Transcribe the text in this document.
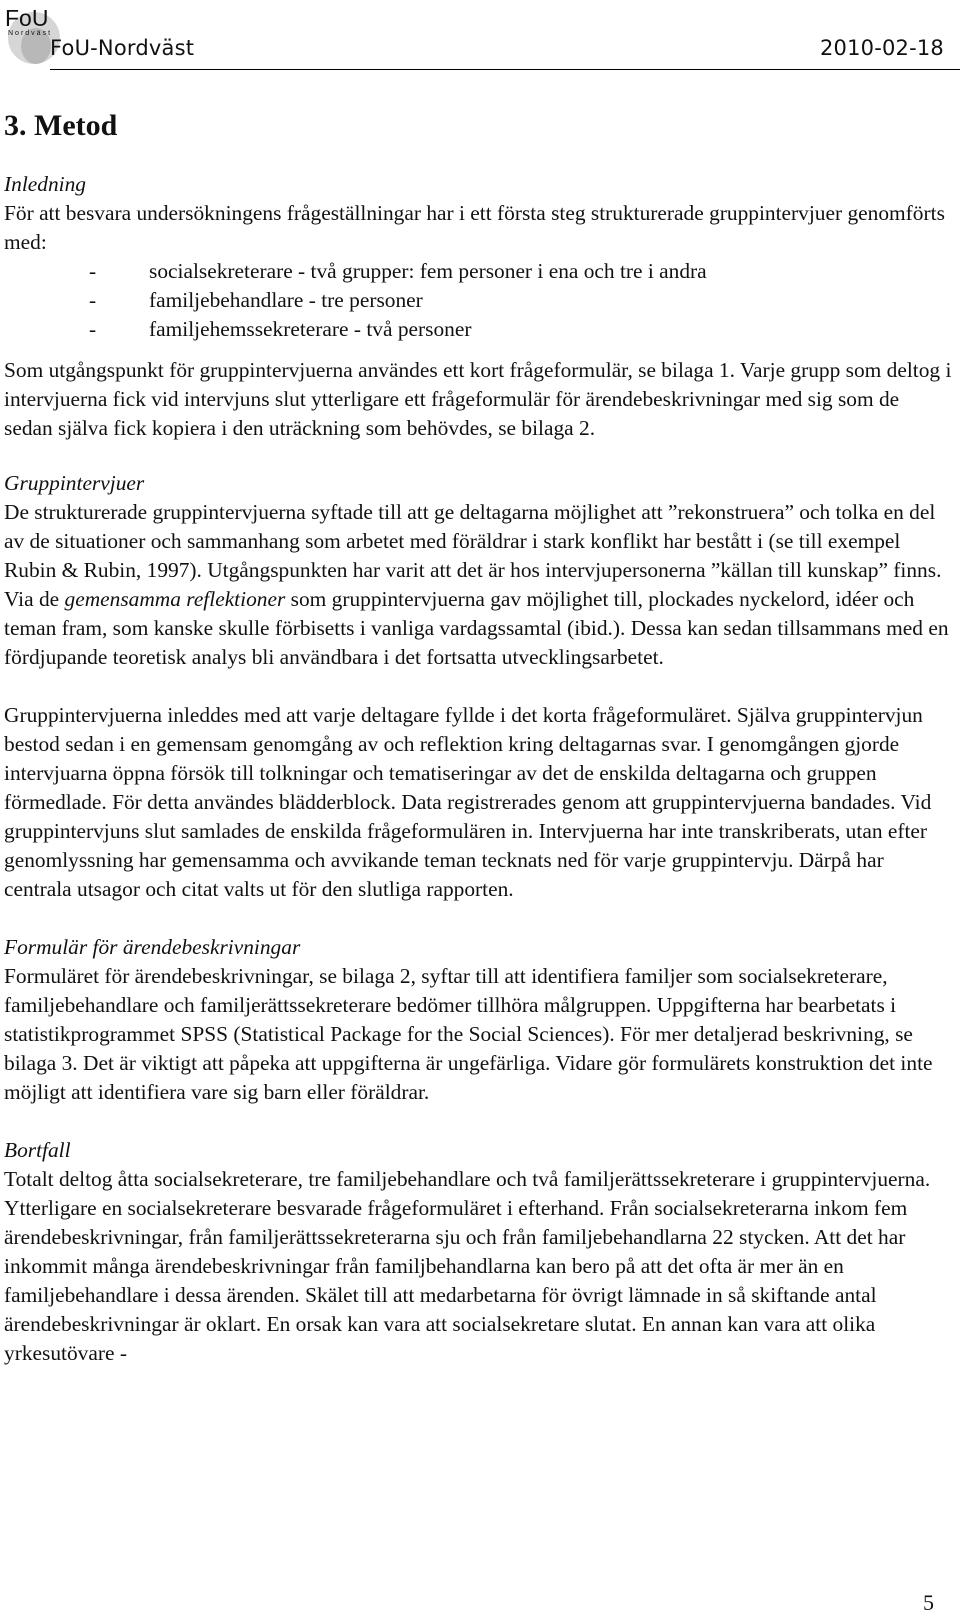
FoU
Nordväst
FoU-Nordväst	2010-02-18
3. Metod

Inledning

För att besvara undersökningens frågeställningar har i ett första steg strukturerade gruppintervjuer genomförts med:

- socialsekreterare - två grupper: fem personer i ena och tre i andra
- familjebehandlare - tre personer
- familjehemssekreterare - två personer

Som utgångspunkt för gruppintervjuerna användes ett kort frågeformulär, se bilaga 1. Varje grupp som deltog i intervjuerna fick vid intervjuns slut ytterligare ett frågeformulär för ärendebeskrivningar med sig som de sedan själva fick kopiera i den uträckning som behövdes, se bilaga 2.

Gruppintervjuer

De strukturerade gruppintervjuerna syftade till att ge deltagarna möjlighet att ”rekonstruera” och tolka en del av de situationer och sammanhang som arbetet med föräldrar i stark konflikt har bestått i (se till exempel Rubin & Rubin, 1997). Utgångspunkten har varit att det är hos intervjupersonerna ”källan till kunskap” finns. Via de gemensamma reflektioner som gruppintervjuerna gav möjlighet till, plockades nyckelord, idéer och teman fram, som kanske skulle förbisetts i vanliga vardagssamtal (ibid.). Dessa kan sedan tillsammans med en fördjupande teoretisk analys bli användbara i det fortsatta utvecklingsarbetet.

Gruppintervjuerna inleddes med att varje deltagare fyllde i det korta frågeformuläret. Själva gruppintervjun bestod sedan i en gemensam genomgång av och reflektion kring deltagarnas svar. I genomgången gjorde intervjuarna öppna försök till tolkningar och tematiseringar av det de enskilda deltagarna och gruppen förmedlade. För detta användes blädderblock. Data registrerades genom att gruppintervjuerna bandades. Vid gruppintervjuns slut samlades de enskilda frågeformulären in. Intervjuerna har inte transkriberats, utan efter genomlyssning har gemensamma och avvikande teman tecknats ned för varje gruppintervju. Därpå har centrala utsagor och citat valts ut för den slutliga rapporten.

Formulär för ärendebeskrivningar

Formuläret för ärendebeskrivningar, se bilaga 2, syftar till att identifiera familjer som socialsekreterare, familjebehandlare och familjerättssekreterare bedömer tillhöra målgruppen. Uppgifterna har bearbetats i statistikprogrammet SPSS (Statistical Package for the Social Sciences). För mer detaljerad beskrivning, se bilaga 3. Det är viktigt att påpeka att uppgifterna är ungefärliga. Vidare gör formulärets konstruktion det inte möjligt att identifiera vare sig barn eller föräldrar.

Bortfall

Totalt deltog åtta socialsekreterare, tre familjebehandlare och två familjerättssekreterare i gruppintervjuerna. Ytterligare en socialsekreterare besvarade frågeformuläret i efterhand. Från socialsekreterarna inkom fem ärendebeskrivningar, från familjerättssekreterarna sju och från familjebehandlarna 22 stycken. Att det har inkommit många ärendebeskrivningar från familjbehandlarna kan bero på att det ofta är mer än en familjebehandlare i dessa ärenden. Skälet till att medarbetarna för övrigt lämnade in så skiftande antal ärendebeskrivningar är oklart. En orsak kan vara att socialsekretare slutat. En annan kan vara att olika yrkesutövare -

5
